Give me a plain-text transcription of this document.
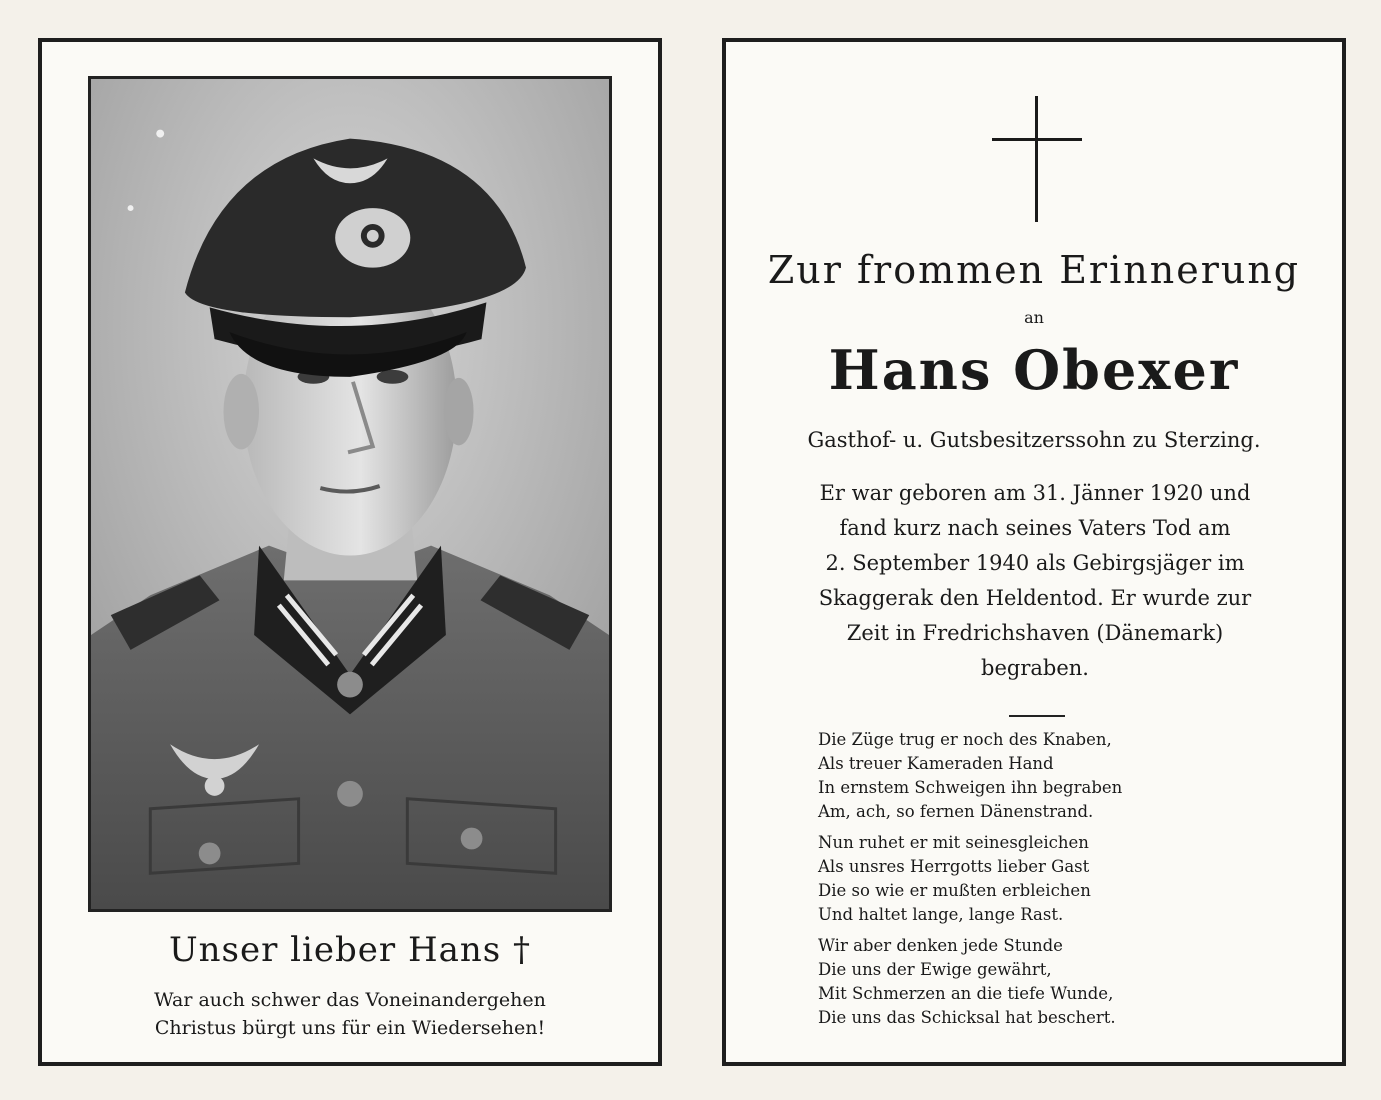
Unser lieber Hans †
War auch schwer das Voneinandergehen
Christus bürgt uns für ein Wiedersehen!
Zur frommen Erinnerung
an
Hans Obexer
Gasthof- u. Gutsbesitzerssohn zu Sterzing.
Er war geboren am 31. Jänner 1920 und
fand kurz nach seines Vaters Tod am
2. September 1940 als Gebirgsjäger im
Skaggerak den Heldentod. Er wurde zur
Zeit in Fredrichshaven (Dänemark)
begraben.
Die Züge trug er noch des Knaben,
Als treuer Kameraden Hand
In ernstem Schweigen ihn begraben
Am, ach, so fernen Dänenstrand.
Nun ruhet er mit seinesgleichen
Als unsres Herrgotts lieber Gast
Die so wie er mußten erbleichen
Und haltet lange, lange Rast.
Wir aber denken jede Stunde
Die uns der Ewige gewährt,
Mit Schmerzen an die tiefe Wunde,
Die uns das Schicksal hat beschert.
